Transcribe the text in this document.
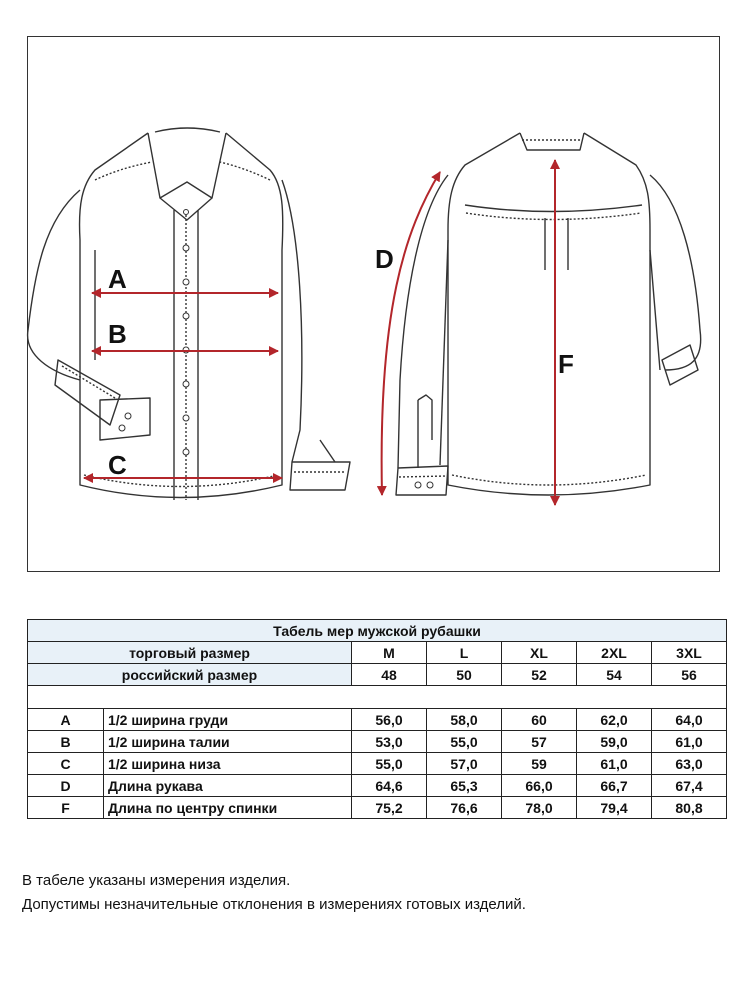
A
B
C
D
F
Табель мер мужской рубашки						
торговый размер		M	L	XL	2XL	3XL
российский размер		48	50	52	54	56

A	1/2 ширина груди	56,0	58,0	60	62,0	64,0
B	1/2 ширина талии	53,0	55,0	57	59,0	61,0
C	1/2 ширина низа	55,0	57,0	59	61,0	63,0
D	Длина рукава	64,6	65,3	66,0	66,7	67,4
F	Длина по центру спинки	75,2	76,6	78,0	79,4	80,8
В табеле указаны измерения изделия.
Допустимы незначительные отклонения в измерениях готовых изделий.
